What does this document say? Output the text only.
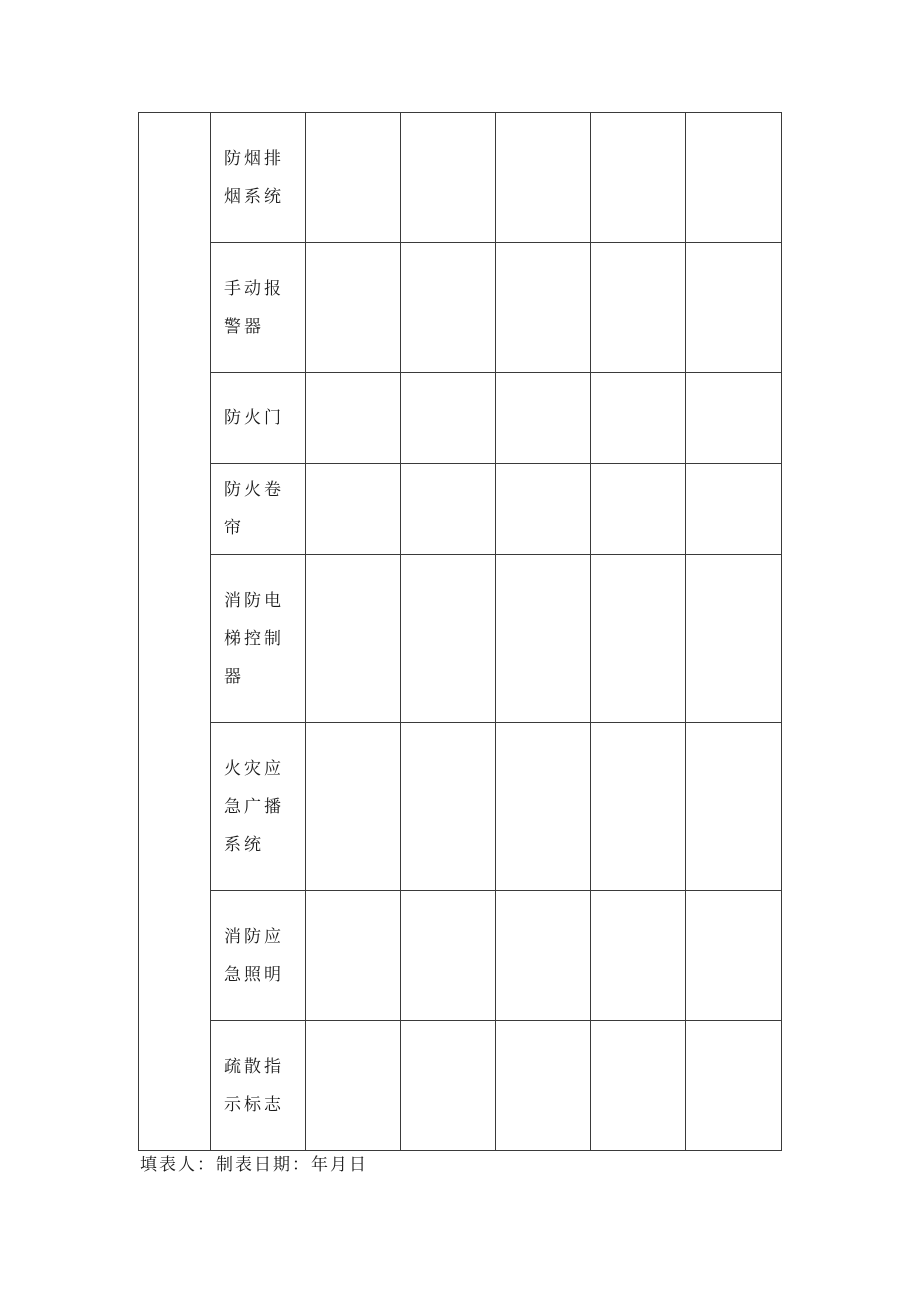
	防烟排烟系统					
	手动报警器					
	防火门					
	防火卷帘					
	消防电梯控制器					
	火灾应急广播系统					
	消防应急照明					
	疏散指示标志					
填表人：制表日期：年月日
